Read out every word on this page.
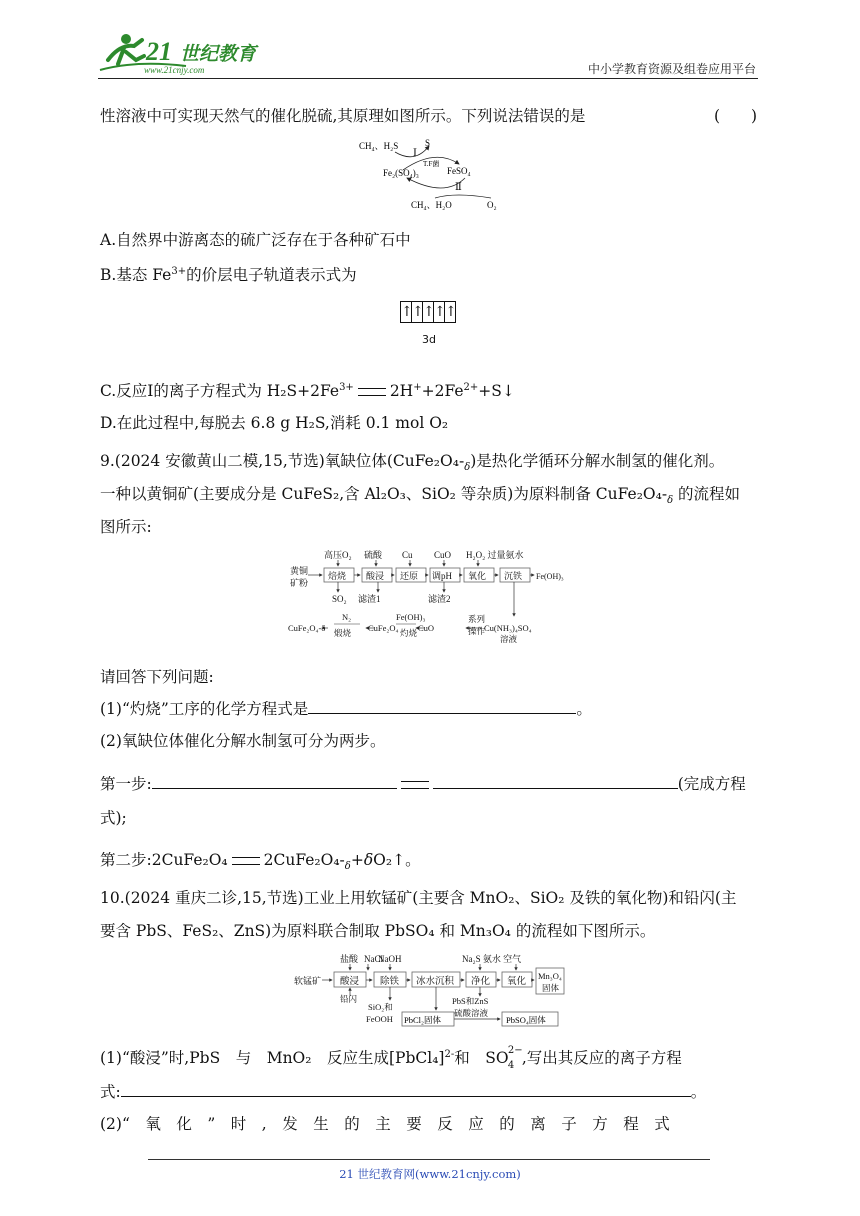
21 世纪教育
www.21cnjy.com	中小学教育资源及组卷应用平台
性溶液中可实现天然气的催化脱硫,其原理如图所示。下列说法错误的是	(　　)
CH₄、H₂S	S
Ⅰ
T.F菌
Fe₂(SO₄)₃	FeSO₄
Ⅱ
CH₄、H₂O	O₂
A.自然界中游离态的硫广泛存在于各种矿石中
B.基态 $Fe^{3+}$的价层电子轨道表示式为
↑ ↑ ↑ ↑ ↑
3d
C.反应Ⅰ的离子方程式为 $H_2S+2Fe^{3+}$ $2H^++2Fe^{2+}+S↓$
D.在此过程中,每脱去 6.8 g H₂S,消耗 0.1 mol O₂
9.(2024 安徽黄山二模,15,节选)氧缺位体$(CuFe_2O_4-_\delta)$是热化学循环分解水制氢的催化剂。
一种以黄铜矿(主要成分是 CuFeS₂,含 Al₂O₃、SiO₂ 等杂质)为原料制备 CuFe₂O₄-$_\delta$ 的流程如
图所示:
高压O₂ 硫酸 Cu CuO H₂O₂ 过量氨水
黄铜
矿粉
焙烧 酸浸 还原 调pH 氧化 沉铁 Fe(OH)₃
SO₂ 滤渣1	滤渣2
CuFe₂O₄-δ
N₂
煅烧 CuFe₂O₄
Fe(OH)₃
灼烧 CuO
系列
操作
Cu(NH₃)₄SO₄
溶液
请回答下列问题:
(1)“灼烧”工序的化学方程式是	。
(2)氧缺位体催化分解水制氢可分为两步。
第一步:	(完成方程
式);
第二步:2CuFe₂O₄ $2CuFe_2O_4-_\delta+\delta O_2↑$。
10.(2024 重庆二诊,15,节选)工业上用软锰矿(主要含 MnO₂、SiO₂ 及铁的氧化物)和铅闪(主
要含 PbS、FeS₂、ZnS)为原料联合制取 PbSO₄ 和 Mn₃O₄ 的流程如下图所示。
盐酸 NaCl
NaOH	Na₂S 氨水 空气
软锰矿 酸浸 除铁 冰水沉积 净化 氧化
Mn₃O₄
固体
铅闪
SiO₂和
FeOOH
PbS和ZnS
硫酸溶液
PbCl₂固体	PbSO₄固体
(1)“酸浸”时,PbS　与　MnO₂　反应生成[PbCl₄]$^{2-}$和　SO 2−
4 ,写出其反应的离子方程
式:	。
(2)“　氧　化　”　时　,　发　生　的　主　要　反　应　的　离　子　方　程　式
21 世纪教育网(www.21cnjy.com)
